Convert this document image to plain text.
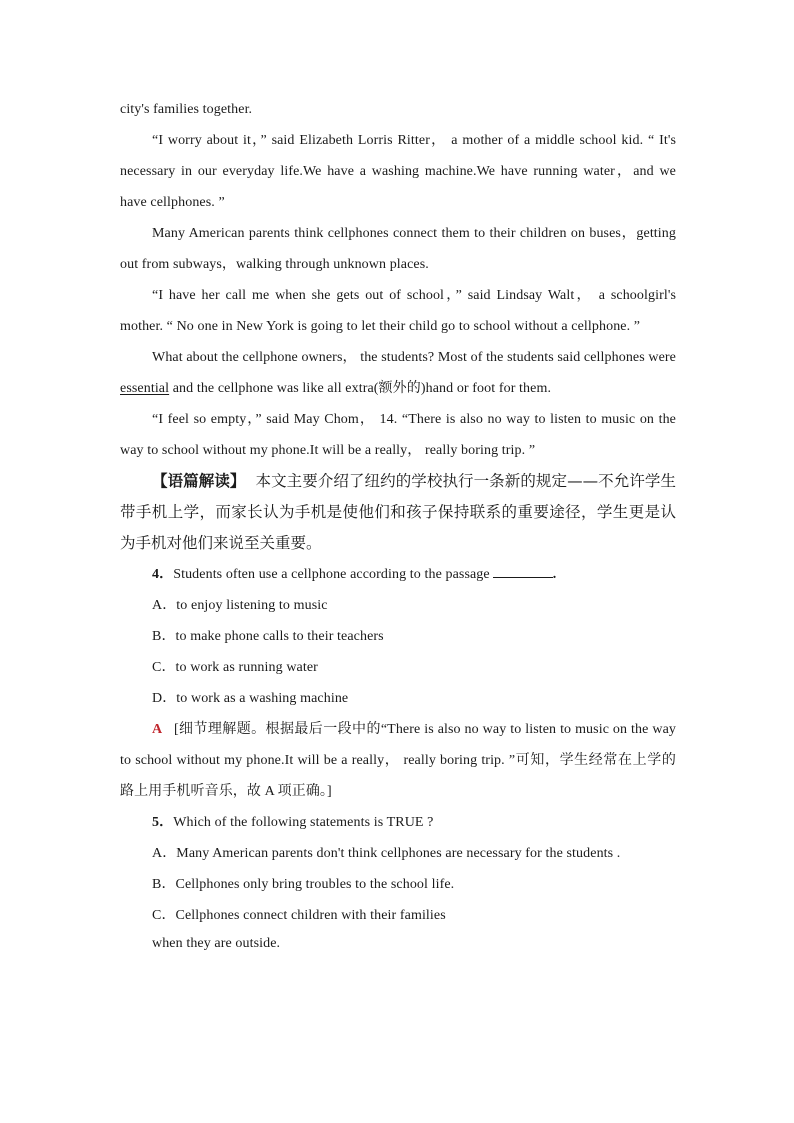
city's families together.

“I worry about it，” said Elizabeth Lorris Ritter， a mother of a middle school kid. “ It's necessary in our everyday life.We have a washing machine.We have running water，and we have cellphones. ”

Many American parents think cellphones connect them to their children on buses，getting out from subways，walking through unknown places.

“I have her call me when she gets out of school，” said Lindsay Walt， a schoolgirl's mother. “ No one in New York is going to let their child go to school without a cellphone. ”

What about the cellphone owners， the students? Most of the students said cellphones were essential and the cellphone was like all extra(额外的)hand or foot for them.

“I feel so empty，” said May Chom， 14. “There is also no way to listen to music on the way to school without my phone.It will be a really， really boring trip. ”

【语篇解读】 本文主要介绍了纽约的学校执行一条新的规定——不允许学生带手机上学，而家长认为手机是使他们和孩子保持联系的重要途径，学生更是认为手机对他们来说至关重要。

4．Students often use a cellphone according to the passage	.

A．to enjoy listening to music

B．to make phone calls to their teachers

C．to work as running water

D．to work as a washing machine

A [细节理解题。根据最后一段中的“There is also no way to listen to music on the way to school without my phone.It will be a really， really boring trip. ”可知，学生经常在上学的路上用手机听音乐，故 A 项正确。]

5．Which of the following statements is TRUE ?

A．Many American parents don't think cellphones are necessary for the students .

B．Cellphones only bring troubles to the school life.

C．Cellphones connect children with their families

when they are outside.
